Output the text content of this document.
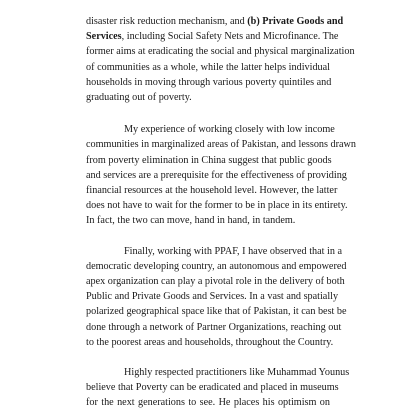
disaster risk reduction mechanism, and (b) Private Goods and
Services, including Social Safety Nets and Microfinance. The
former aims at eradicating the social and physical marginalization
of communities as a whole, while the latter helps individual
households in moving through various poverty quintiles and
graduating out of poverty.
My experience of working closely with low income
communities in marginalized areas of Pakistan, and lessons drawn
from poverty elimination in China suggest that public goods
and services are a prerequisite for the effectiveness of providing
financial resources at the household level. However, the latter
does not have to wait for the former to be in place in its entirety.
In fact, the two can move, hand in hand, in tandem.
Finally, working with PPAF, I have observed that in a
democratic developing country, an autonomous and empowered
apex organization can play a pivotal role in the delivery of both
Public and Private Goods and Services. In a vast and spatially
polarized geographical space like that of Pakistan, it can best be
done through a network of Partner Organizations, reaching out
to the poorest areas and households, throughout the Country.
Highly respected practitioners like Muhammad Younus
believe that Poverty can be eradicated and placed in museums
for the next generations to see. He places his optimism on
